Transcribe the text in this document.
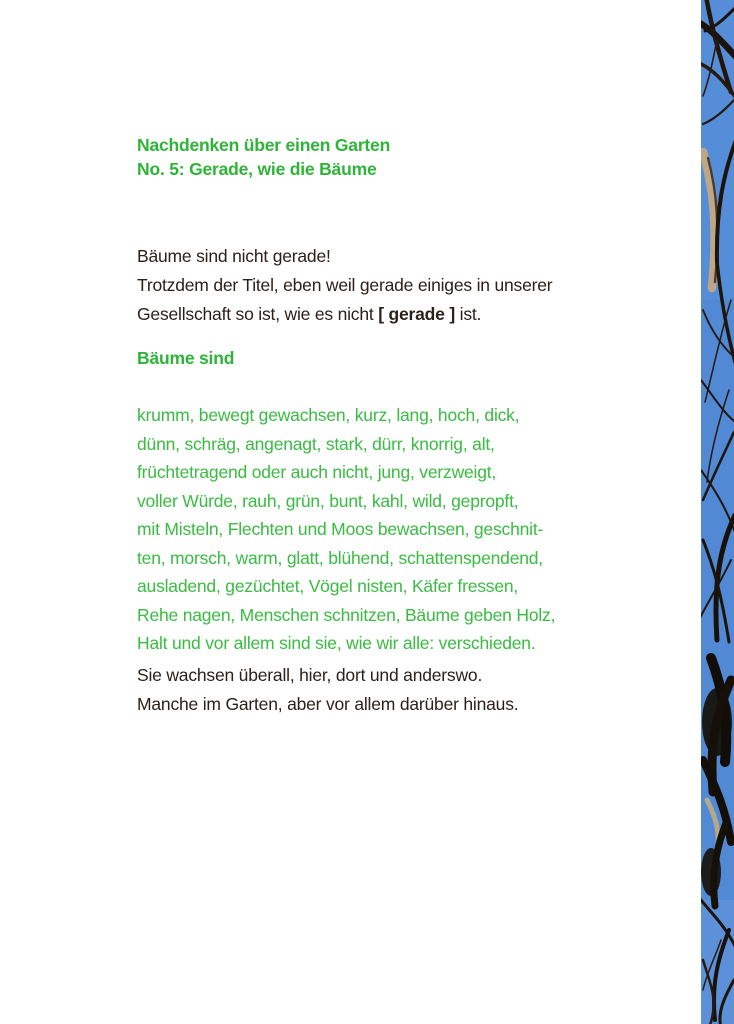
Nachdenken über einen Garten
No. 5: Gerade, wie die Bäume
Bäume sind nicht gerade!
Trotzdem der Titel, eben weil gerade einiges in unserer
Gesellschaft so ist, wie es nicht [ gerade ] ist.
Bäume sind
krumm, bewegt gewachsen, kurz, lang, hoch, dick,
dünn, schräg, angenagt, stark, dürr, knorrig, alt,
früchtetragend oder auch nicht, jung, verzweigt,
voller Würde, rauh, grün, bunt, kahl, wild, gepropft,
mit Misteln, Flechten und Moos bewachsen, geschnit-
ten, morsch, warm, glatt, blühend, schattenspendend,
ausladend, gezüchtet, Vögel nisten, Käfer fressen,
Rehe nagen, Menschen schnitzen, Bäume geben Holz,
Halt und vor allem sind sie, wie wir alle: verschieden.
Sie wachsen überall, hier, dort und anderswo.
Manche im Garten, aber vor allem darüber hinaus.
